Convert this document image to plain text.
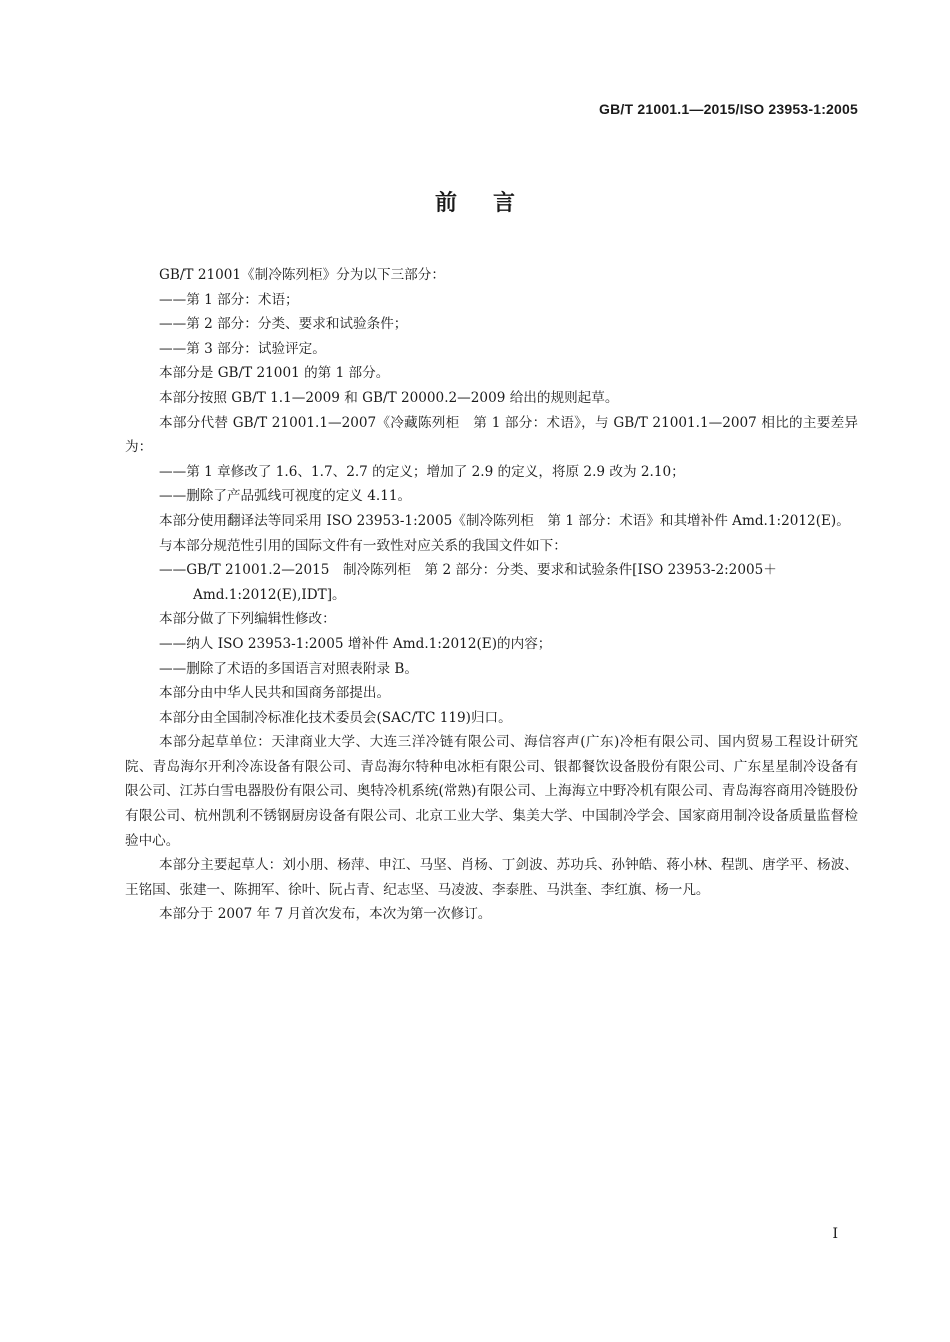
GB/T 21001.1—2015/ISO 23953-1:2005
前言

GB/T 21001《制冷陈列柜》分为以下三部分：

——第 1 部分：术语；

——第 2 部分：分类、要求和试验条件；

——第 3 部分：试验评定。

本部分是 GB/T 21001 的第 1 部分。

本部分按照 GB/T 1.1—2009 和 GB/T 20000.2—2009 给出的规则起草。

本部分代替 GB/T 21001.1—2007《冷藏陈列柜　第 1 部分：术语》，与 GB/T 21001.1—2007 相比的主要差异为：

——第 1 章修改了 1.6、1.7、2.7 的定义；增加了 2.9 的定义，将原 2.9 改为 2.10；

——删除了产品弧线可视度的定义 4.11。

本部分使用翻译法等同采用 ISO 23953-1:2005《制冷陈列柜　第 1 部分：术语》和其增补件 Amd.1:2012(E)。

与本部分规范性引用的国际文件有一致性对应关系的我国文件如下：

——GB/T 21001.2—2015　制冷陈列柜　第 2 部分：分类、要求和试验条件[ISO 23953-2:2005＋
Amd.1:2012(E),IDT]。

本部分做了下列编辑性修改：

——纳人 ISO 23953-1:2005 增补件 Amd.1:2012(E)的内容；

——删除了术语的多国语言对照表附录 B。

本部分由中华人民共和国商务部提出。

本部分由全国制冷标准化技术委员会(SAC/TC 119)归口。

本部分起草单位：天津商业大学、大连三洋冷链有限公司、海信容声(广东)冷柜有限公司、国内贸易工程设计研究院、青岛海尔开利冷冻设备有限公司、青岛海尔特种电冰柜有限公司、银都餐饮设备股份有限公司、广东星星制冷设备有限公司、江苏白雪电器股份有限公司、奥特冷机系统(常熟)有限公司、上海海立中野冷机有限公司、青岛海容商用冷链股份有限公司、杭州凯利不锈钢厨房设备有限公司、北京工业大学、集美大学、中国制冷学会、国家商用制冷设备质量监督检验中心。

本部分主要起草人：刘小朋、杨萍、申江、马坚、肖杨、丁剑波、苏功兵、孙钟皓、蒋小林、程凯、唐学平、杨波、王铭国、张建一、陈拥军、徐叶、阮占青、纪志坚、马凌波、李泰胜、马洪奎、李红旗、杨一凡。

本部分于 2007 年 7 月首次发布，本次为第一次修订。

I
